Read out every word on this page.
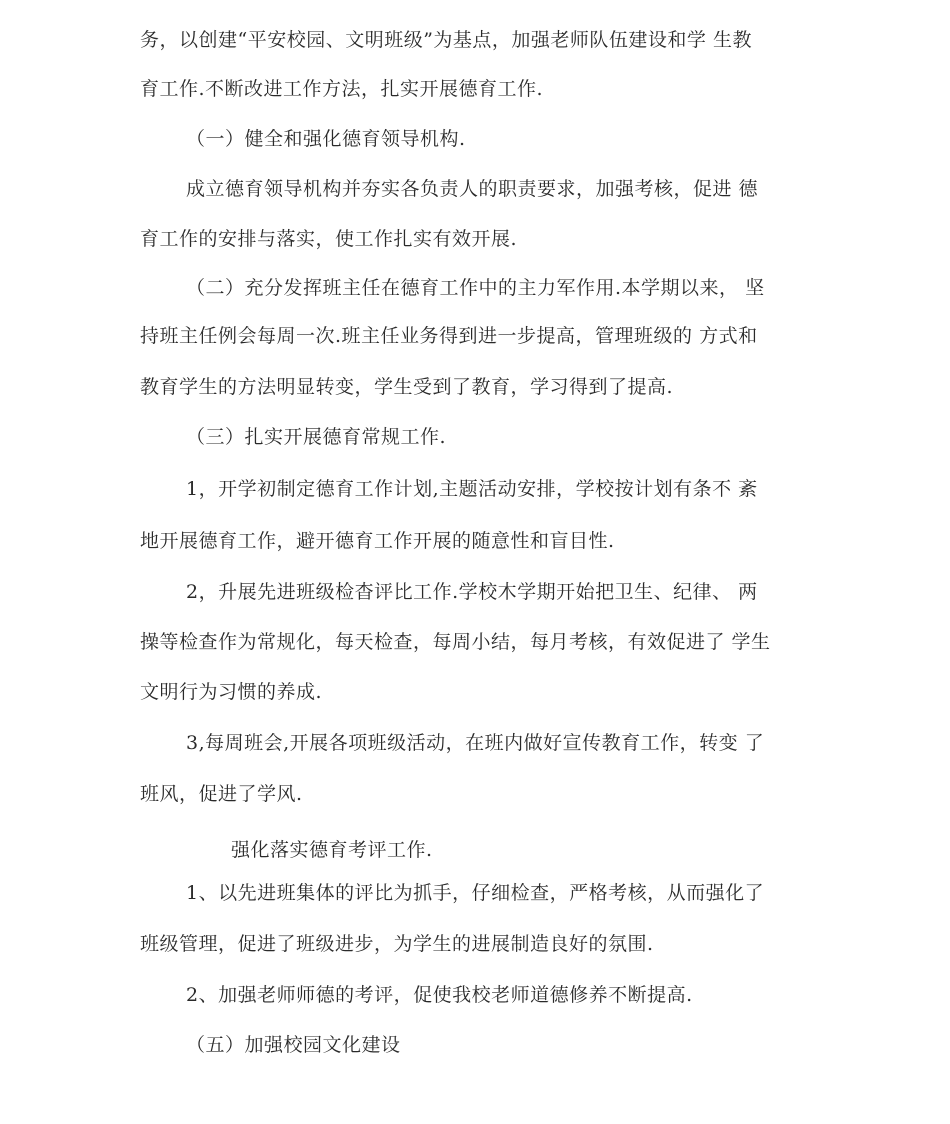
务，以创建“平安校园、文明班级”为基点，加强老师队伍建设和学 生教
育工作.不断改进工作方法，扎实开展德育工作.
（一）健全和强化德育领导机构.
成立德育领导机构并夯实各负责人的职责要求，加强考核，促进 德
育工作的安排与落实，使工作扎实有效开展.
（二）充分发挥班主任在德育工作中的主力军作用.本学期以来， 坚
持班主任例会每周一次.班主任业务得到进一步提高，管理班级的 方式和
教育学生的方法明显转变，学生受到了教育，学习得到了提高.
（三）扎实开展德育常规工作.
1，开学初制定德育工作计划,主题活动安排，学校按计划有条不 紊
地开展德育工作，避开德育工作开展的随意性和盲目性.
2，升展先进班级检杳评比工作.学校木学期开始把卫生、纪律、 两
操等检查作为常规化，每天检查，每周小结，每月考核，有效促进了 学生
文明行为习惯的养成.
3,每周班会,开展各项班级活动，在班内做好宣传教育工作，转变 了
班风，促进了学风.
强化落实德育考评工作.
1、以先进班集体的评比为抓手，仔细检查，严格考核，从而强化了
班级管理，促进了班级进步，为学生的进展制造良好的氛围.
2、加强老师师德的考评，促使我校老师道德修养不断提高.
（五）加强校园文化建设
